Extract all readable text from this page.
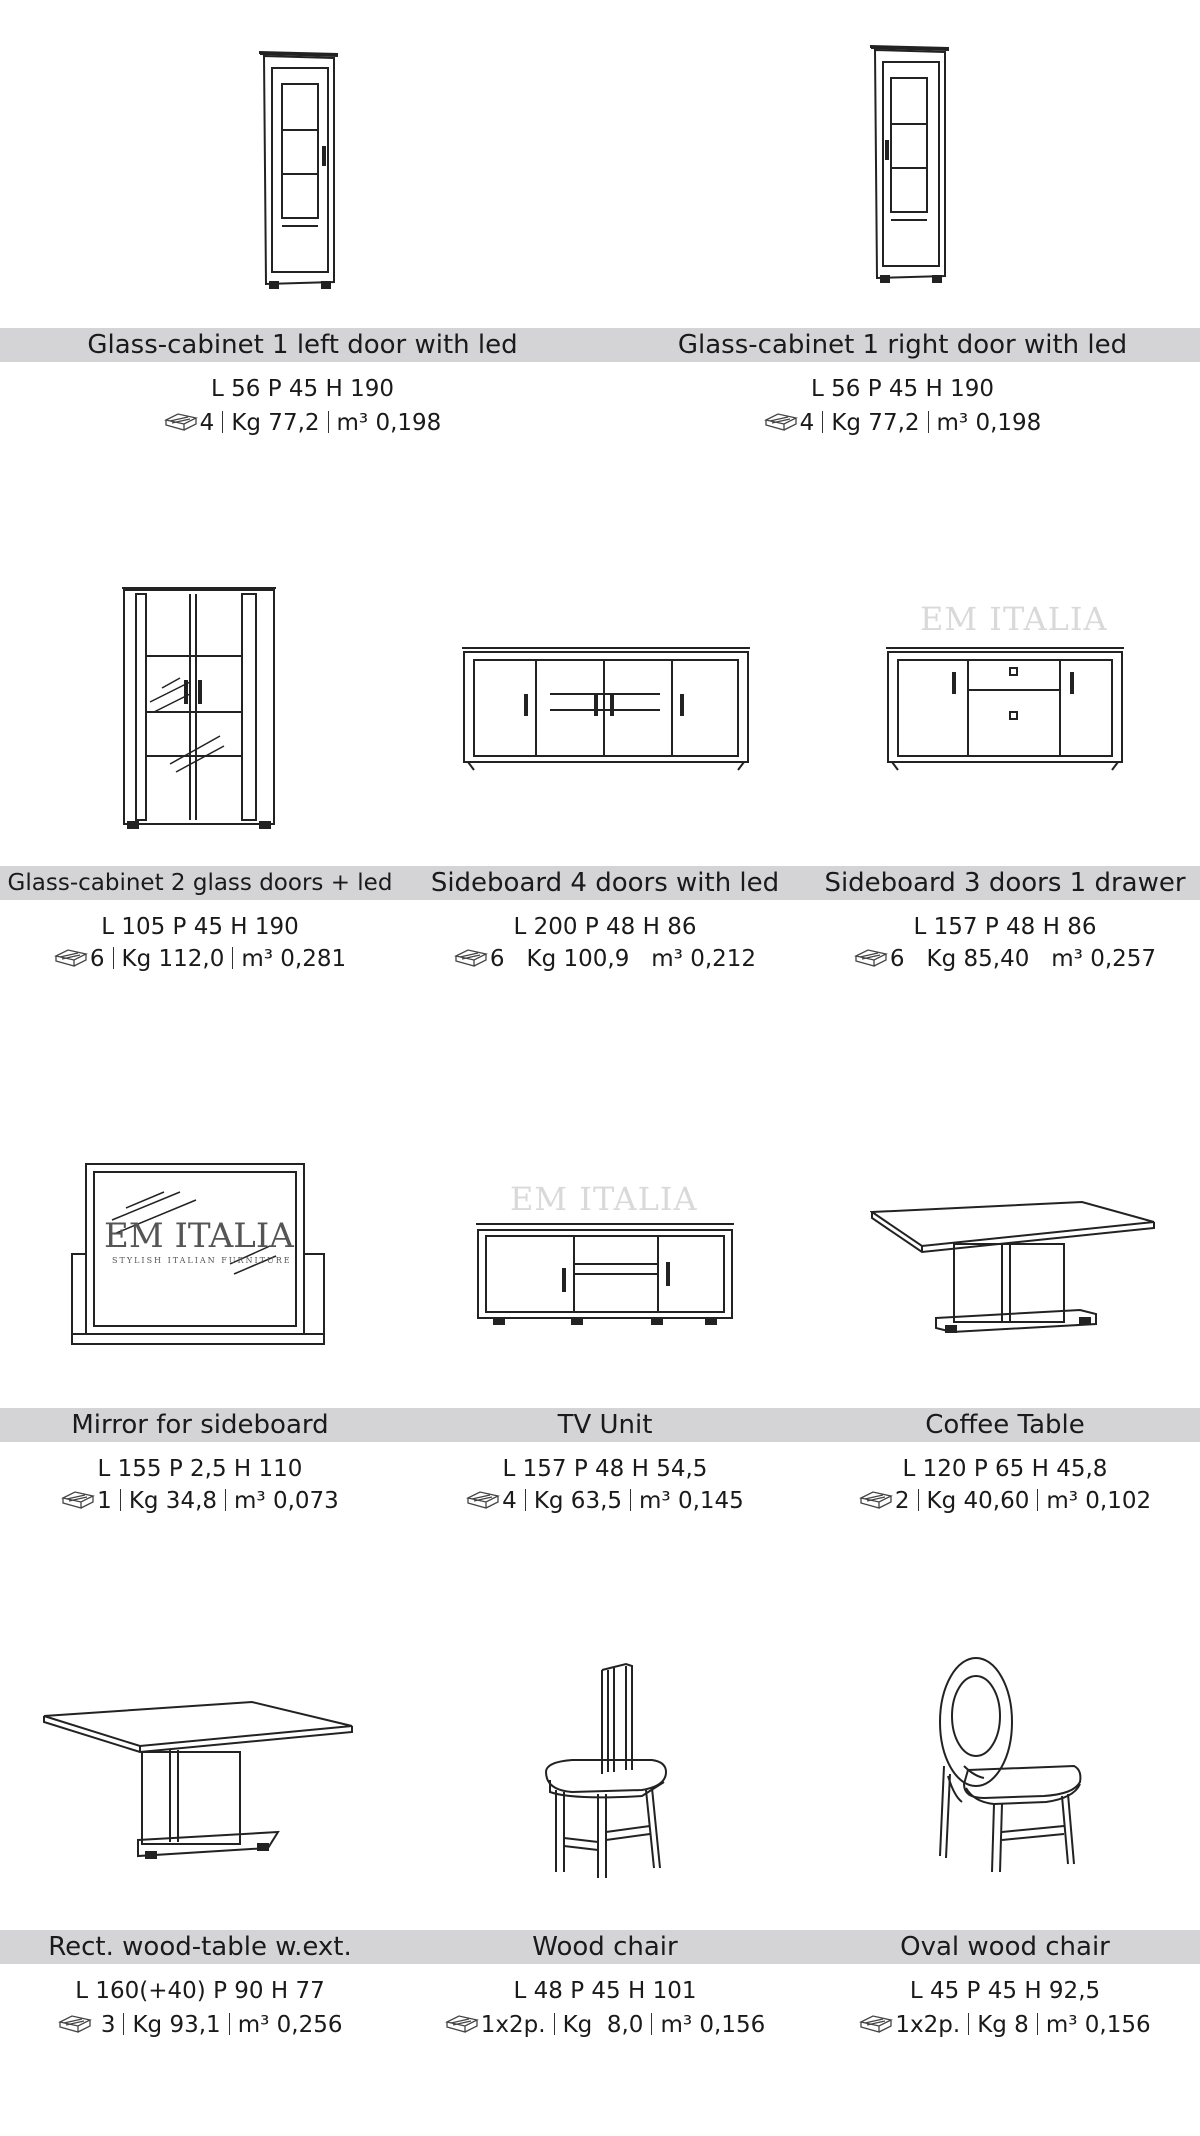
Glass-cabinet 1 left door with led
L 56 P 45 H 190
4 Kg 77,2 m³ 0,198
Glass-cabinet 1 right door with led
L 56 P 45 H 190
4 Kg 77,2 m³ 0,198
Glass-cabinet 2 glass doors + led
L 105 P 45 H 190
6 Kg 112,0 m³ 0,281
Sideboard 4 doors with led
L 200 P 48 H 86
6 Kg 100,9 m³ 0,212
EM ITALIA
Sideboard 3 doors 1 drawer
L 157 P 48 H 86
6 Kg 85,40 m³ 0,257
EM ITALIA
STYLISH ITALIAN FURNITURE
Mirror for sideboard
L 155 P 2,5 H 110
1 Kg 34,8 m³ 0,073
EM ITALIA
TV Unit
L 157 P 48 H 54,5
4 Kg 63,5 m³ 0,145
Coffee Table
L 120 P 65 H 45,8
2 Kg 40,60 m³ 0,102
Rect. wood-table w.ext.
L 160(+40) P 90 H 77
3 Kg 93,1 m³ 0,256
Wood chair
L 48 P 45 H 101
1x2p. Kg  8,0 m³ 0,156
Oval wood chair
L 45 P 45 H 92,5
1x2p. Kg 8 m³ 0,156
